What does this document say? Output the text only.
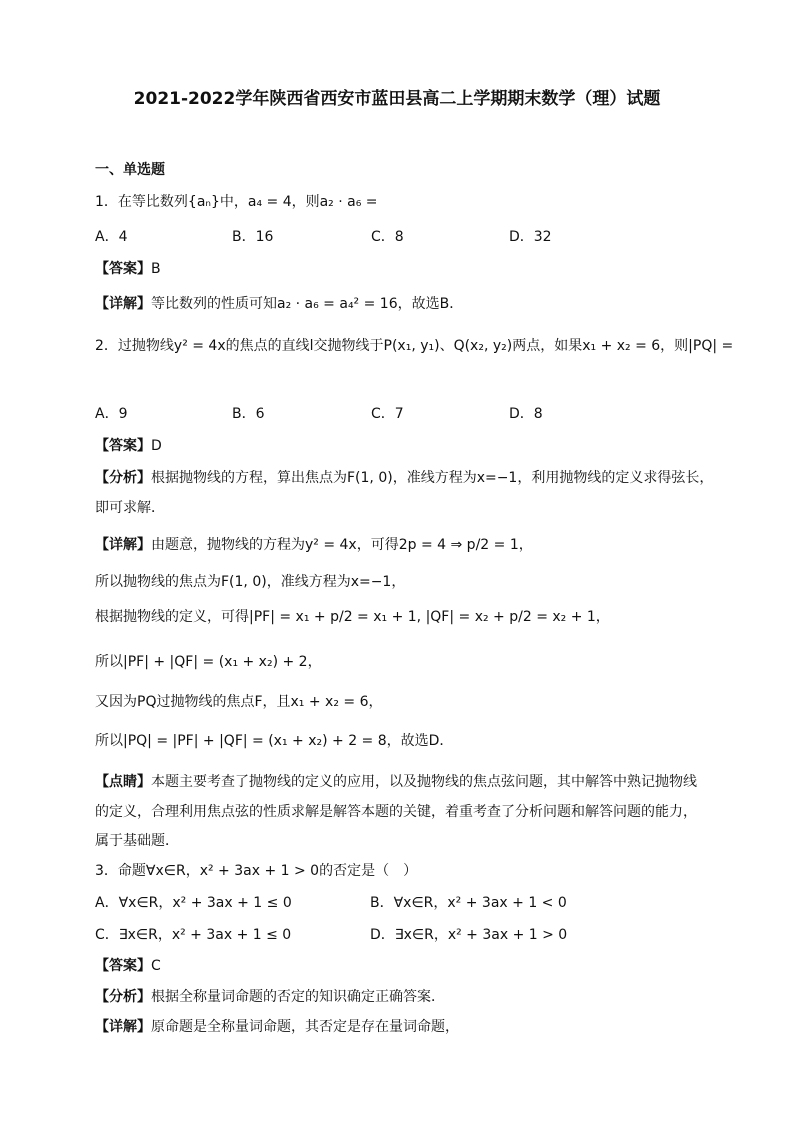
2021-2022学年陕西省西安市蓝田县高二上学期期末数学（理）试题
一、单选题
1．在等比数列{aₙ}中，a₄ = 4，则a₂ · a₆ =
A．4	B．16	C．8	D．32
【答案】B
【详解】等比数列的性质可知a₂ · a₆ = a₄² = 16，故选B．
2．过抛物线y² = 4x的焦点的直线l交抛物线于P(x₁, y₁)、Q(x₂, y₂)两点，如果x₁ + x₂ = 6，则|PQ| =
A．9	B．6	C．7	D．8
【答案】D
【分析】根据抛物线的方程，算出焦点为F(1, 0)，准线方程为x=−1，利用抛物线的定义求得弦长，
即可求解．
【详解】由题意，抛物线的方程为y² = 4x，可得2p = 4 ⇒ p/2 = 1，
所以抛物线的焦点为F(1, 0)，准线方程为x=−1，
根据抛物线的定义，可得|PF| = x₁ + p/2 = x₁ + 1, |QF| = x₂ + p/2 = x₂ + 1，
所以|PF| + |QF| = (x₁ + x₂) + 2，
又因为PQ过抛物线的焦点F，且x₁ + x₂ = 6，
所以|PQ| = |PF| + |QF| = (x₁ + x₂) + 2 = 8，故选D．
【点睛】本题主要考查了抛物线的定义的应用，以及抛物线的焦点弦问题，其中解答中熟记抛物线
的定义，合理利用焦点弦的性质求解是解答本题的关键，着重考查了分析问题和解答问题的能力，
属于基础题．
3．命题∀x∈R，x² + 3ax + 1 > 0的否定是（　）
A．∀x∈R，x² + 3ax + 1 ≤ 0	B．∀x∈R，x² + 3ax + 1 < 0
C．∃x∈R，x² + 3ax + 1 ≤ 0	D．∃x∈R，x² + 3ax + 1 > 0
【答案】C
【分析】根据全称量词命题的否定的知识确定正确答案．
【详解】原命题是全称量词命题，其否定是存在量词命题，
